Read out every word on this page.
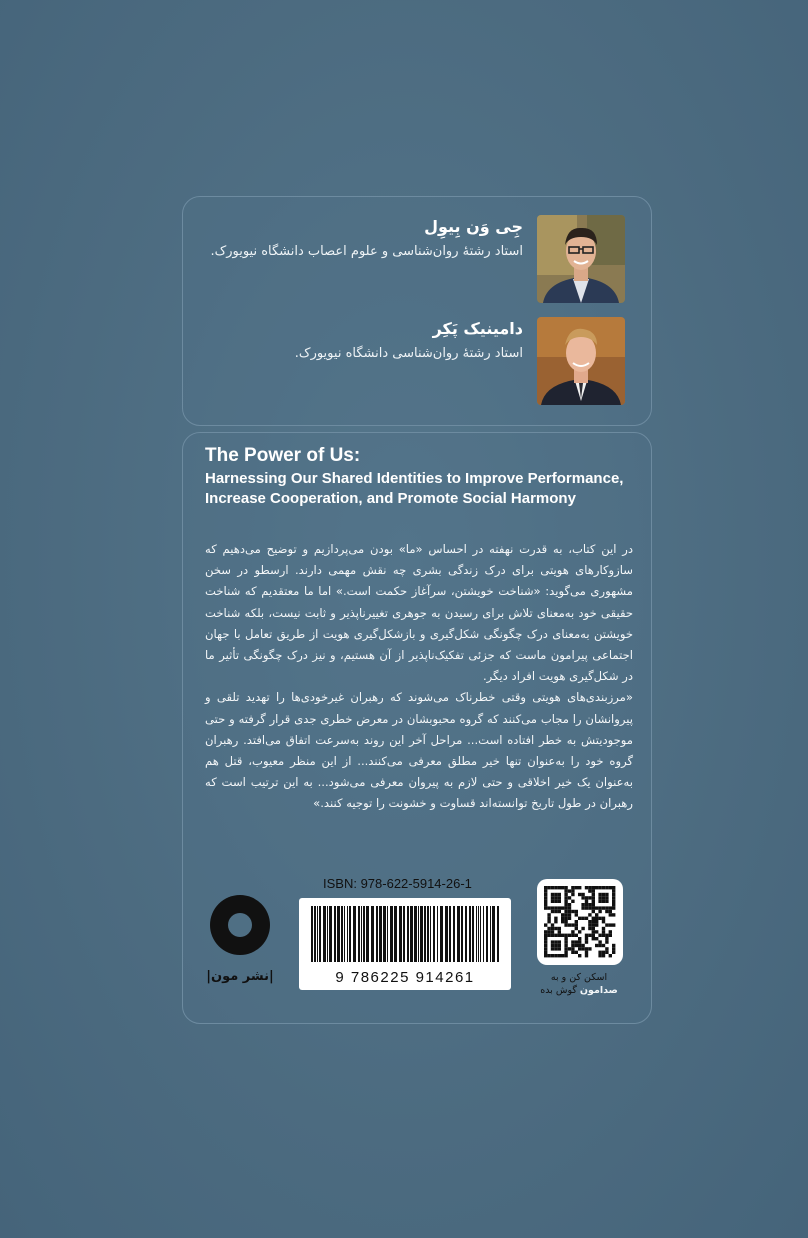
جِی وَن بِیوِل
استاد رشتهٔ روان‌شناسی و علوم اعصاب دانشگاه نیویورک.
دامینیک پَکِر
استاد رشتهٔ روان‌شناسی دانشگاه نیویورک.
The Power of Us:
Harnessing Our Shared Identities to Improve Performance, Increase Cooperation, and Promote Social Harmony

در این کتاب، به قدرت نهفته در احساس «ما» بودن می‌پردازیم و توضیح می‌دهیم که سازوکارهای هویتی برای درک زندگی بشری چه نقش مهمی دارند. ارسطو در سخن مشهوری می‌گوید: «شناخت خویشتن، سرآغاز حکمت است.» اما ما معتقدیم که شناخت حقیقی خود به‌معنای تلاش برای رسیدن به جوهری تغییرناپذیر و ثابت نیست، بلکه شناخت خویشتن به‌معنای درک چگونگی شکل‌گیری و بازشکل‌گیری هویت از طریق تعامل با جهان اجتماعی پیرامون ماست که جزئی تفکیک‌ناپذیر از آن هستیم، و نیز درک چگونگی تأثیر ما در شکل‌گیری هویت افراد دیگر.

«مرزبندی‌های هویتی وقتی خطرناک می‌شوند که رهبران غیرخودی‌ها را تهدید تلقی و پیروانشان را مجاب می‌کنند که گروه محبوبشان در معرض خطری جدی قرار گرفته و حتی موجودیتش به خطر افتاده است... مراحل آخر این روند به‌سرعت اتفاق می‌افتد. رهبران گروه خود را به‌عنوان تنها خیر مطلق معرفی می‌کنند... از این منظر معیوب، قتل هم به‌عنوان یک خیر اخلاقی و حتی لازم به پیروان معرفی می‌شود... به این ترتیب است که رهبران در طول تاریخ توانسته‌اند قساوت و خشونت را توجیه کنند.»

|نشر مون|
ISBN: 978-622-5914-26-1
9 786225 914261	اسکن کن و به
صدامون گوش بده
